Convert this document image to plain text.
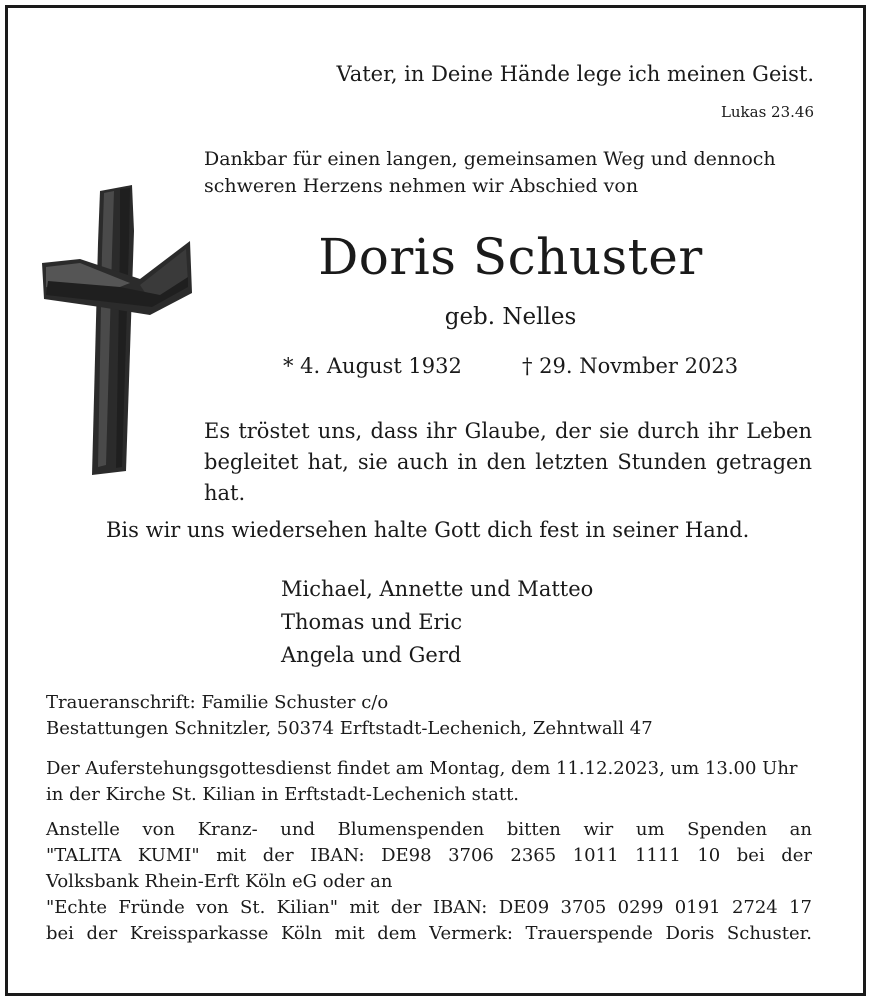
Vater, in Deine Hände lege ich meinen Geist.
Lukas 23.46
Dankbar für einen langen, gemeinsamen Weg und dennoch
schweren Herzens nehmen wir Abschied von
Doris Schuster
geb. Nelles
* 4. August 1932	† 29. Novmber 2023
Es tröstet uns, dass ihr Glaube, der sie durch ihr Leben
begleitet hat, sie auch in den letzten Stunden getragen hat.
Bis wir uns wiedersehen halte Gott dich fest in seiner Hand.
Michael, Annette und Matteo
Thomas und Eric
Angela und Gerd
Traueranschrift: Familie Schuster c/o
Bestattungen Schnitzler, 50374 Erftstadt-Lechenich, Zehntwall 47
Der Auferstehungsgottesdienst findet am Montag, dem 11.12.2023, um 13.00 Uhr
in der Kirche St. Kilian in Erftstadt-Lechenich statt.
Anstelle von Kranz- und Blumenspenden bitten wir um Spenden an
"TALITA KUMI" mit der IBAN: DE98 3706 2365 1011 1111 10 bei der
Volksbank Rhein-Erft Köln eG oder an
"Echte Fründe von St. Kilian" mit der IBAN: DE09 3705 0299 0191 2724 17
bei der Kreissparkasse Köln mit dem Vermerk: Trauerspende Doris Schuster.
